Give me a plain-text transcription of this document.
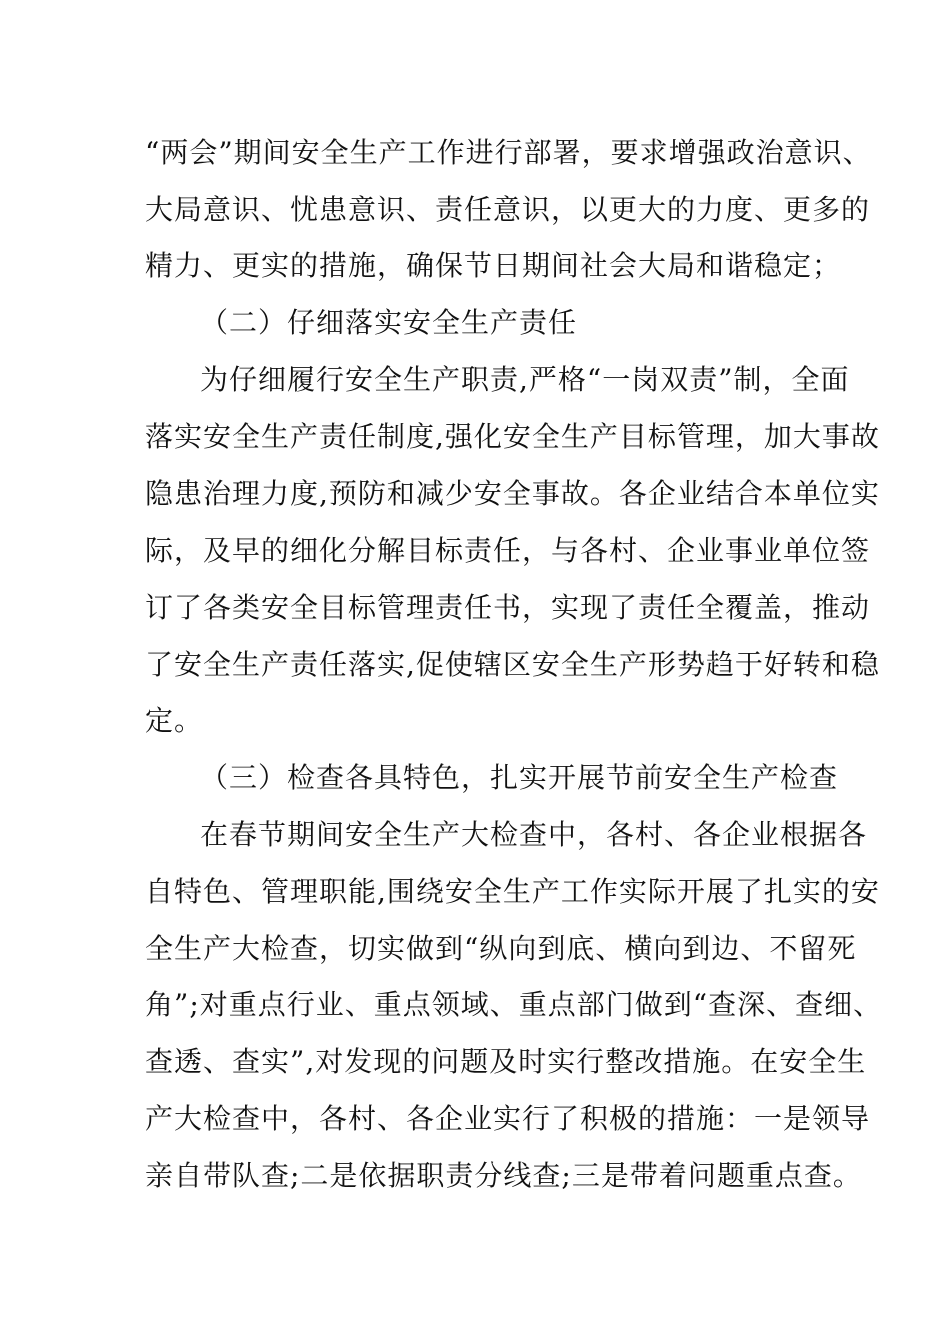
“两会”期间安全生产工作进行部署，要求增强政治意识、
大局意识、忧患意识、责任意识，以更大的力度、更多的
精力、更实的措施，确保节日期间社会大局和谐稳定；
（二）仔细落实安全生产责任
为仔细履行安全生产职责,严格“一岗双责”制，全面
落实安全生产责任制度,强化安全生产目标管理，加大事故
隐患治理力度,预防和减少安全事故。各企业结合本单位实
际，及早的细化分解目标责任，与各村、企业事业单位签
订了各类安全目标管理责任书，实现了责任全覆盖，推动
了安全生产责任落实,促使辖区安全生产形势趋于好转和稳
定。
（三）检查各具特色，扎实开展节前安全生产检查
在春节期间安全生产大检查中，各村、各企业根据各
自特色、管理职能,围绕安全生产工作实际开展了扎实的安
全生产大检查，切实做到“纵向到底、横向到边、不留死
角”;对重点行业、重点领域、重点部门做到“查深、查细、
查透、查实”,对发现的问题及时实行整改措施。在安全生
产大检查中，各村、各企业实行了积极的措施：一是领导
亲自带队查;二是依据职责分线查;三是带着问题重点查。
